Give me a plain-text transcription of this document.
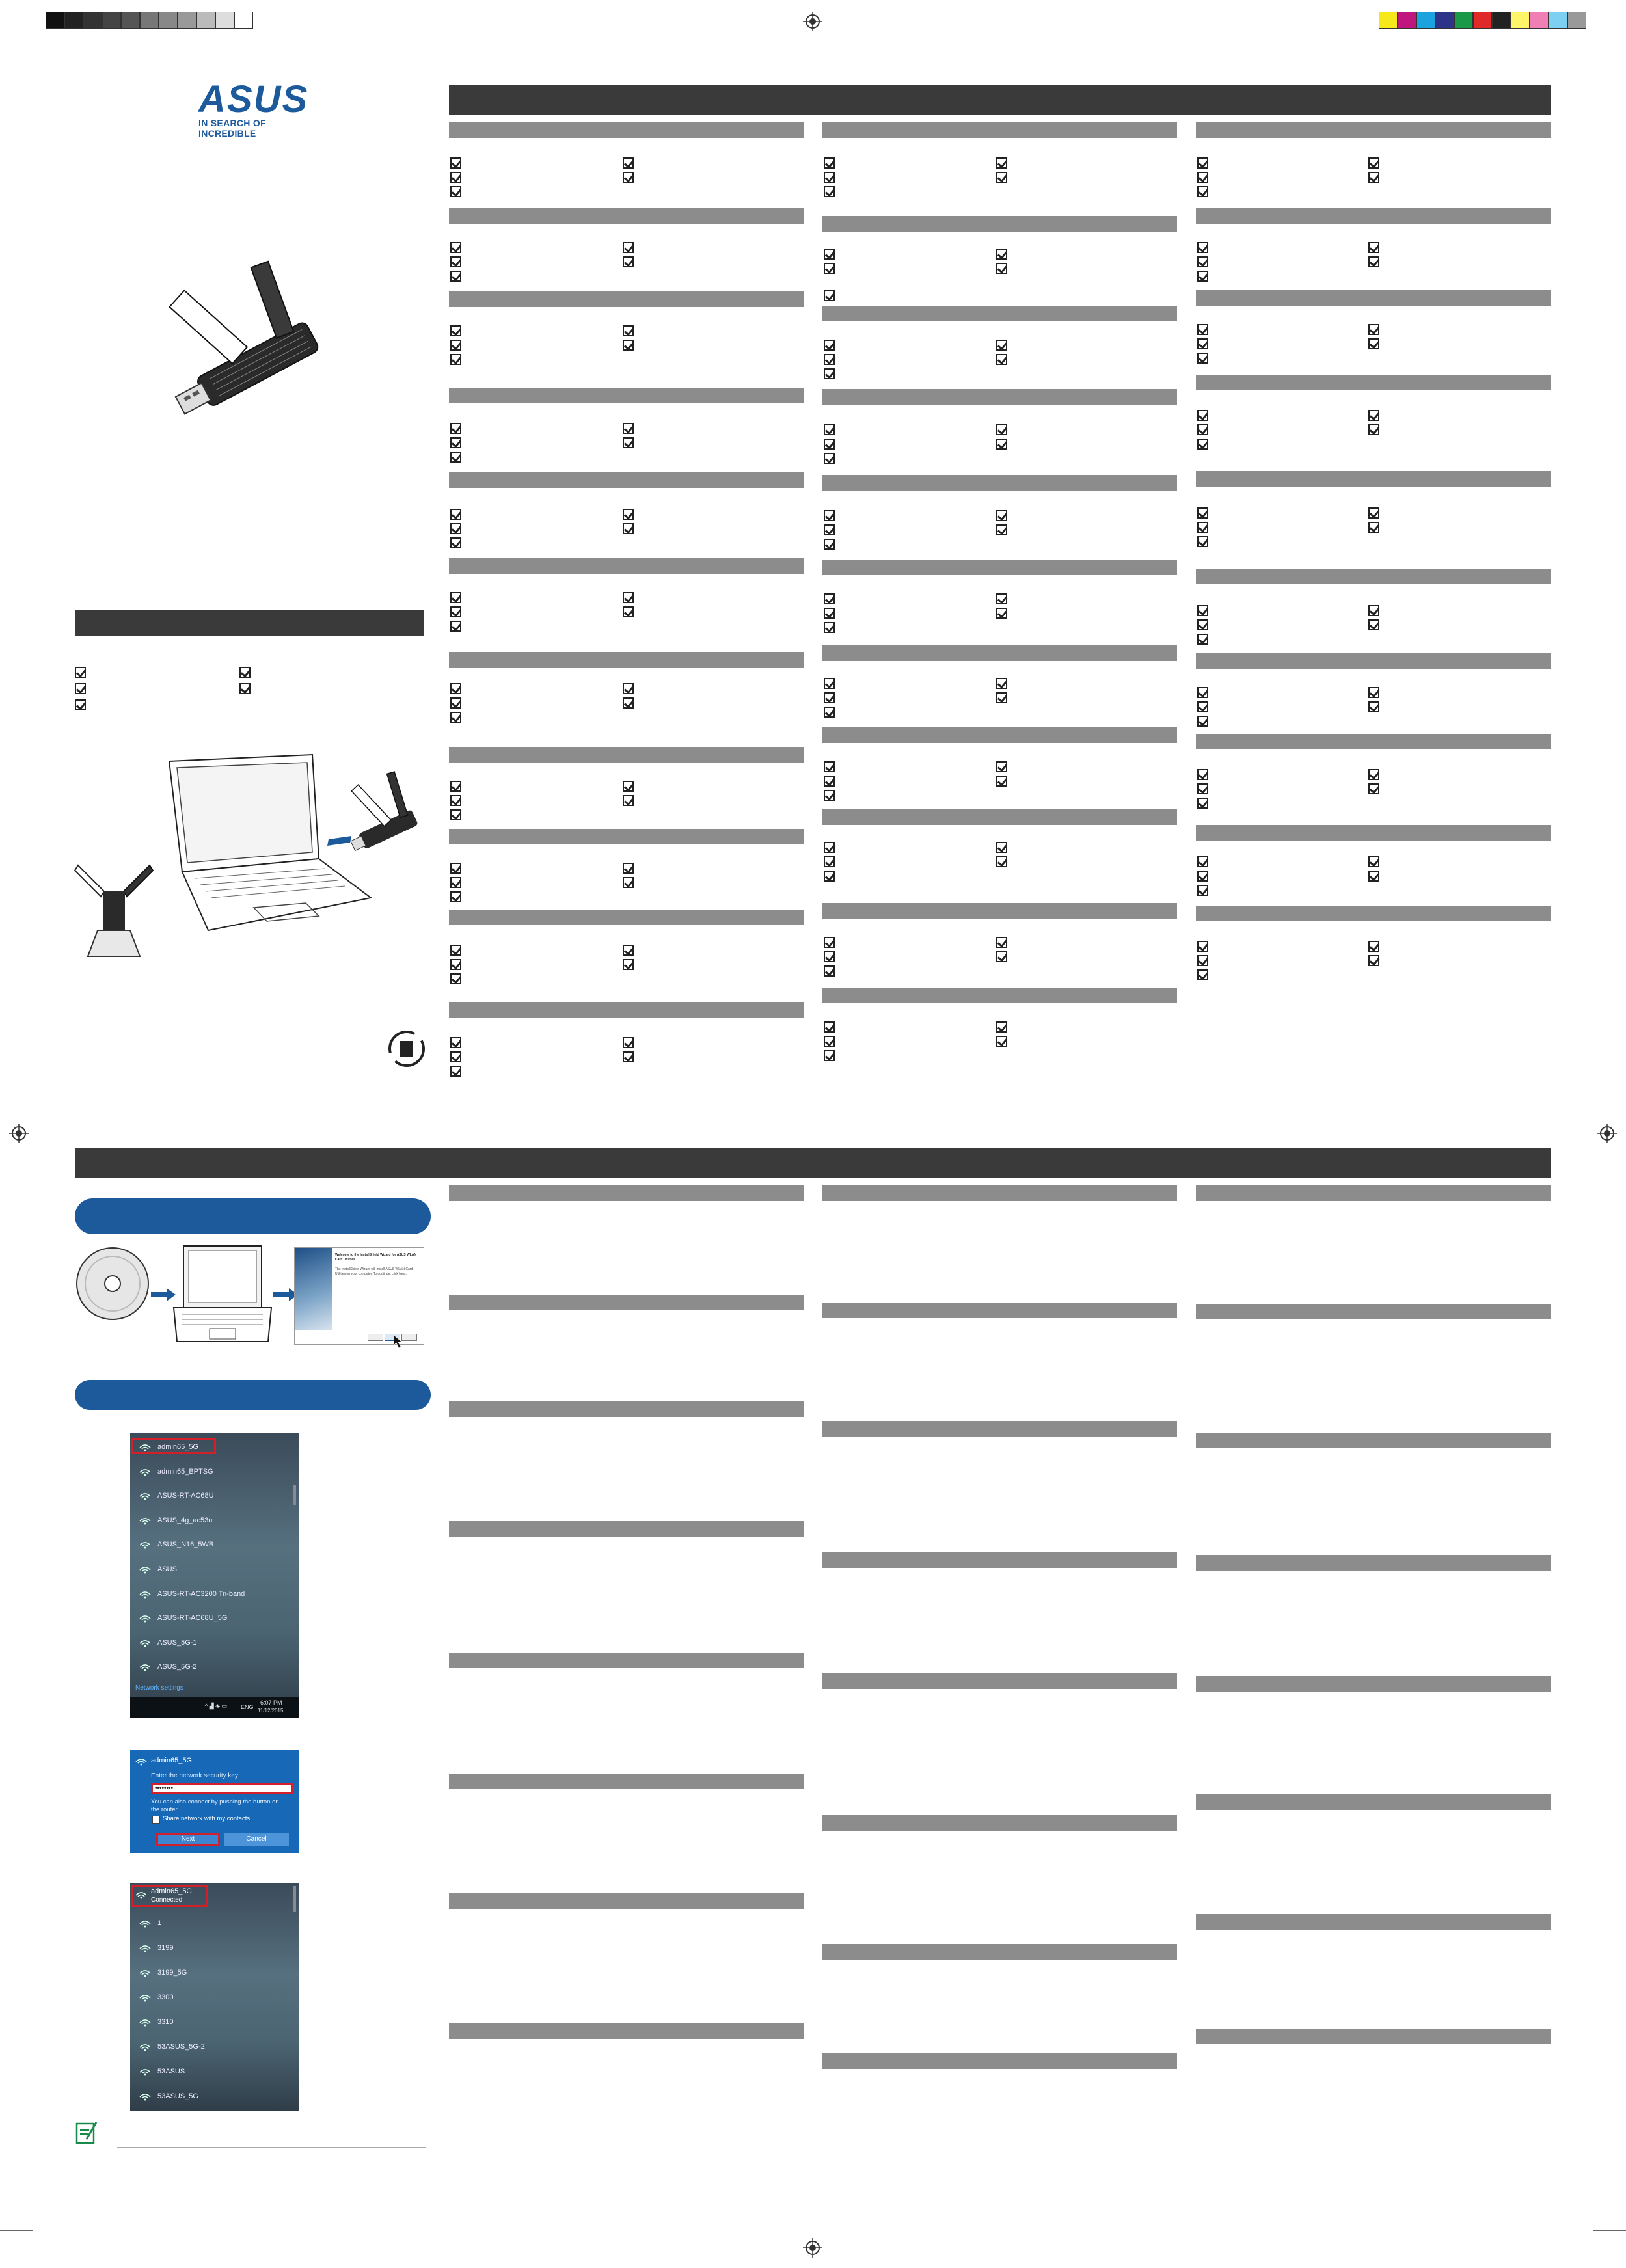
ASUS
IN SEARCH OF INCREDIBLE
Welcome to the InstallShield Wizard for ASUS WLAN Card Utilities
The InstallShield Wizard will install ASUS WLAN Card Utilities on your computer. To continue, click Next.
admin65_5G
admin65_BPTSG
ASUS-RT-AC68U
ASUS_4g_ac53u
ASUS_N16_5WB
ASUS
ASUS-RT-AC3200 Tri-band
ASUS-RT-AC68U_5G
ASUS_5G-1
ASUS_5G-2
Network settings
^ ▟ ◈ ▭ ENG
6:07 PM
11/12/2015
admin65_5G
Enter the network security key
••••••••
You can also connect by pushing the button on
the router.
Share network with my contacts
Next	Cancel
admin65_5G
Connected
1
3199
3199_5G
3300
3310
53ASUS_5G-2
53ASUS
53ASUS_5G
